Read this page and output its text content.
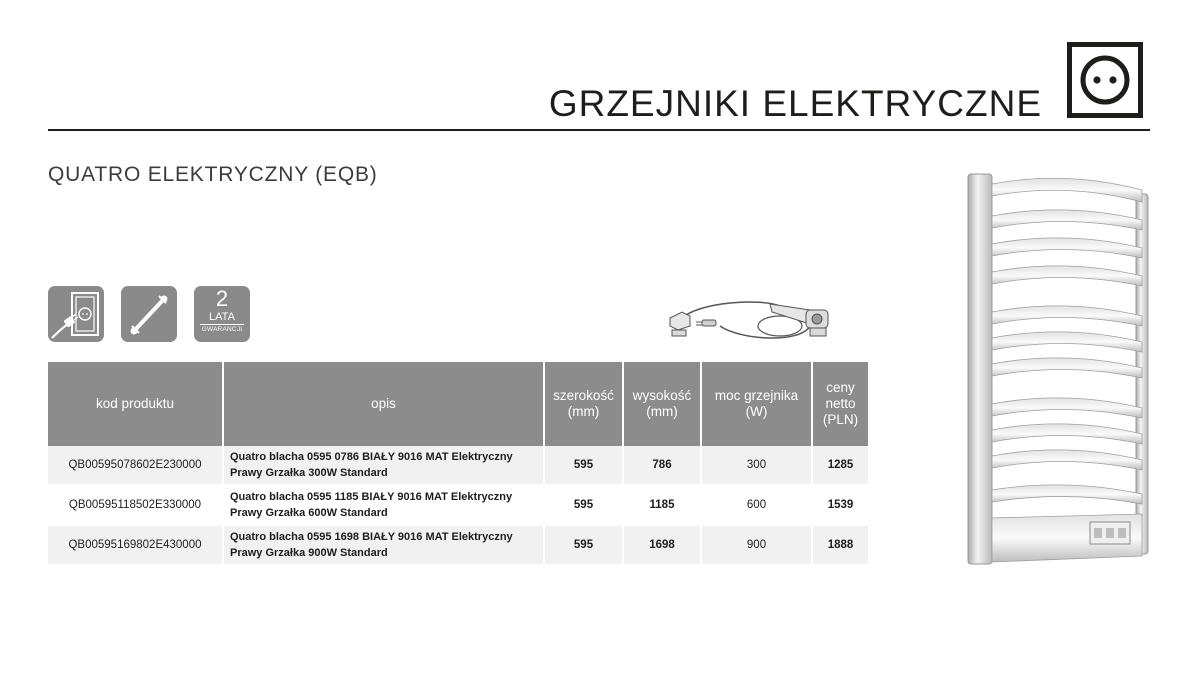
GRZEJNIKI ELEKTRYCZNE
QUATRO ELEKTRYCZNY (EQB)
2
LATA
GWARANCJI
kod produktu	opis	szerokość (mm)	wysokość (mm)	moc grzejnika (W)	ceny netto (PLN)
QB00595078602E230000	Quatro blacha 0595 0786 BIAŁY 9016 MAT Elektryczny
Prawy Grzałka 300W Standard	595	786	300	1285
QB00595118502E330000	Quatro blacha 0595 1185 BIAŁY 9016 MAT Elektryczny
Prawy Grzałka 600W Standard	595	1185	600	1539
QB00595169802E430000	Quatro blacha 0595 1698 BIAŁY 9016 MAT Elektryczny
Prawy Grzałka 900W Standard	595	1698	900	1888
